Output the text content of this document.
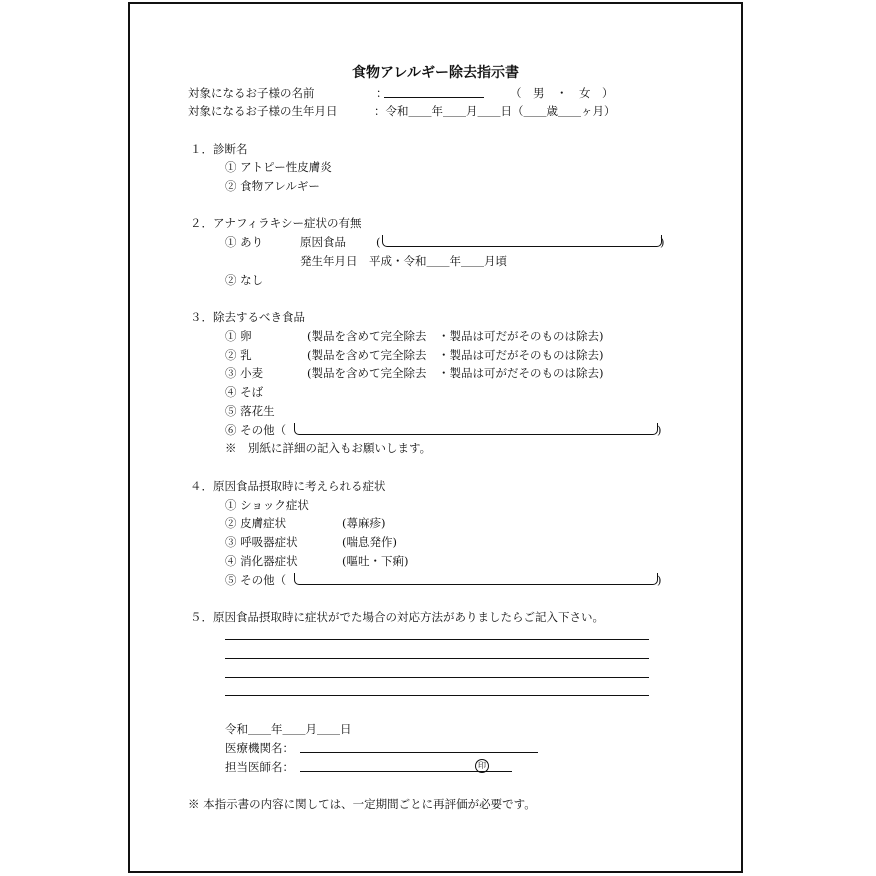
食物アレルギー除去指示書
対象になるお子様の名前	：	（　男　・　女　）
対象になるお子様の生年月日	：令和＿＿年＿＿月＿＿日（＿＿歳＿＿ヶ月）
１．診断名
① アトピー性皮膚炎
② 食物アレルギー
２．アナフィラキシー症状の有無
① あり	原因食品	(	)
発生年月日　平成・令和＿＿年＿＿月頃
② なし
３．除去するべき食品
① 卵	(製品を含めて完全除去　・製品は可だがそのものは除去)
② 乳	(製品を含めて完全除去　・製品は可だがそのものは除去)
③ 小麦	(製品を含めて完全除去　・製品は可がだそのものは除去)
④ そば
⑤ 落花生
⑥ その他（	)
※　別紙に詳細の記入もお願いします。
４．原因食品摂取時に考えられる症状
① ショック症状
② 皮膚症状	(蕁麻疹)
③ 呼吸器症状	(喘息発作)
④ 消化器症状	(嘔吐・下痢)
⑤ その他（	)
５．原因食品摂取時に症状がでた場合の対応方法がありましたらご記入下さい。
令和＿＿年＿＿月＿＿日
医療機関名：
担当医師名：	印
※ 本指示書の内容に関しては、一定期間ごとに再評価が必要です。
